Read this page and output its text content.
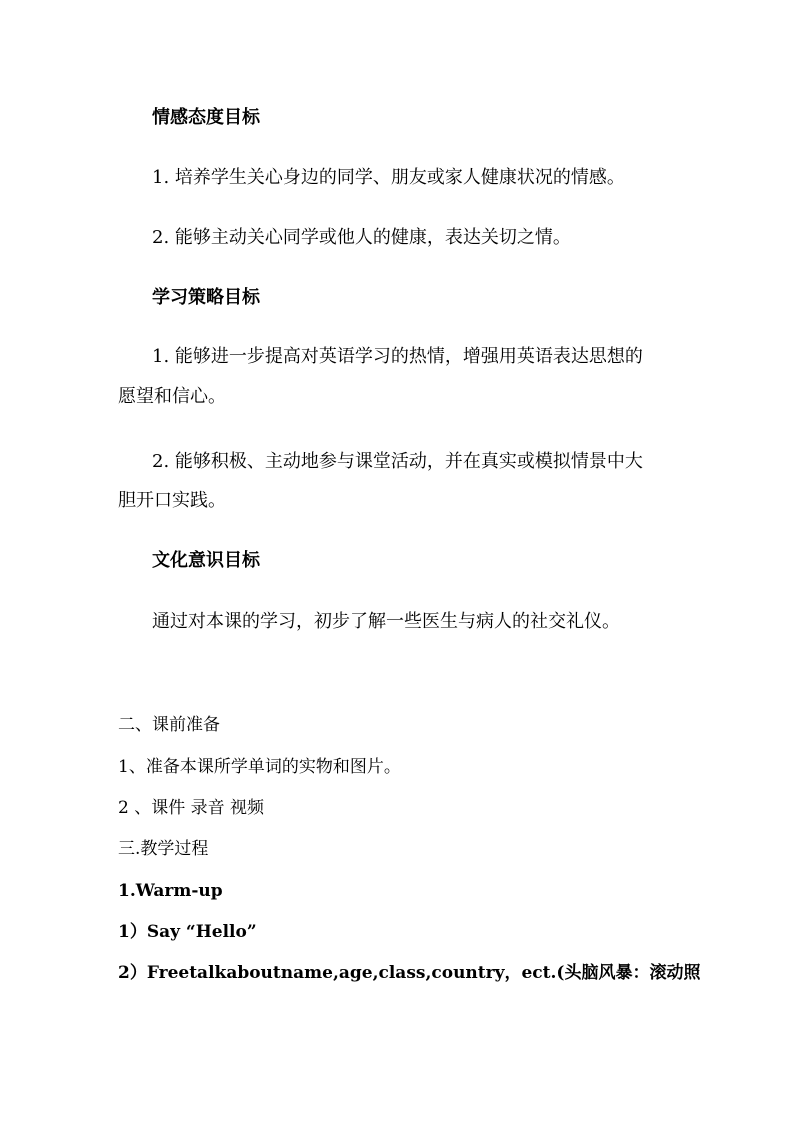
情感态度目标
1. 培养学生关心身边的同学、朋友或家人健康状况的情感。
2. 能够主动关心同学或他人的健康，表达关切之情。
学习策略目标
1. 能够进一步提高对英语学习的热情，增强用英语表达思想的
愿望和信心。
2. 能够积极、主动地参与课堂活动，并在真实或模拟情景中大
胆开口实践。
文化意识目标
通过对本课的学习，初步了解一些医生与病人的社交礼仪。
二、课前准备
1、准备本课所学单词的实物和图片。
2 、课件 录音 视频
三.教学过程
1.Warm-up
1）Say “Hello”
2） Free talk about name,age,class,country，ect.(头脑风暴：滚动照
